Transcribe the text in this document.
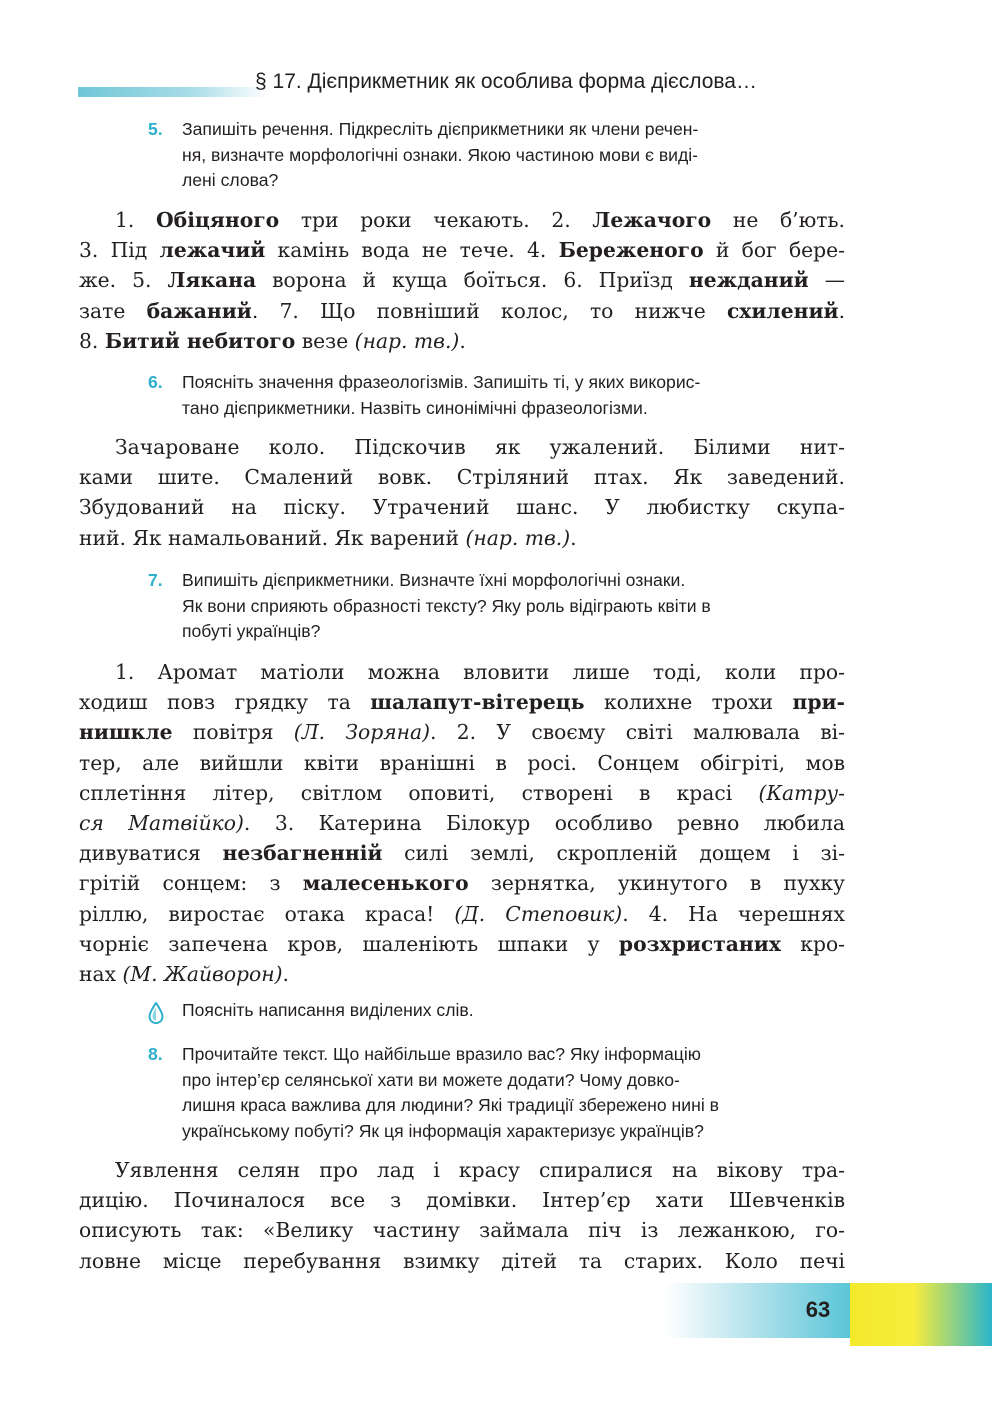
§ 17. Дієприкметник як особлива форма дієслова…
5. Запишіть речення. Підкресліть дієприкметники як члени речен-
ня, визначте морфологічні ознаки. Якою частиною мови є виді-
лені слова?
1. Обіцяного три роки чекають. 2. Лежачого не б’ють.
3. Під лежачий камінь вода не тече. 4. Береженого й бог бере-
же. 5. Лякана ворона й куща боїться. 6. Приїзд нежданий —
зате бажаний. 7. Що повніший колос, то нижче схилений.
8. Битий небитого везе (нар. тв.).
6. Поясніть значення фразеологізмів. Запишіть ті, у яких викорис-
тано дієприкметники. Назвіть синонімічні фразеологізми.
Зачароване коло. Підскочив як ужалений. Білими нит-
ками шите. Смалений вовк. Стріляний птах. Як заведений.
Збудований на піску. Утрачений шанс. У любистку скупа-
ний. Як намальований. Як варений (нар. тв.).
7. Випишіть дієприкметники. Визначте їхні морфологічні ознаки.
Як вони сприяють образності тексту? Яку роль відіграють квіти в
побуті українців?
1. Аромат матіоли можна вловити лише тоді, коли про-
ходиш повз грядку та шалапут-вітерець колихне трохи при-
нишкле повітря (Л. Зоряна). 2. У своєму світі малювала ві-
тер, але вийшли квіти вранішні в росі. Сонцем обігріті, мов
сплетіння літер, світлом оповиті, створені в красі (Катру-
ся Матвійко). 3. Катерина Білокур особливо ревно любила
дивуватися незбагненній силі землі, скропленій дощем і зі-
грітій сонцем: з малесенького зернятка, укинутого в пухку
ріллю, виростає отака краса! (Д. Степовик). 4. На черешнях
чорніє запечена кров, шаленіють шпаки у розхристаних кро-
нах (М. Жайворон).
Поясніть написання виділених слів.
8. Прочитайте текст. Що найбільше вразило вас? Яку інформацію
про інтер’єр селянської хати ви можете додати? Чому довко-
лишня краса важлива для людини? Які традиції збережено нині в
українському побуті? Як ця інформація характеризує українців?
Уявлення селян про лад і красу спиралися на вікову тра-
дицію. Починалося все з домівки. Інтер’єр хати Шевченків
описують так: «Велику частину займала піч із лежанкою, го-
ловне місце перебування взимку дітей та старих. Коло печі
63
